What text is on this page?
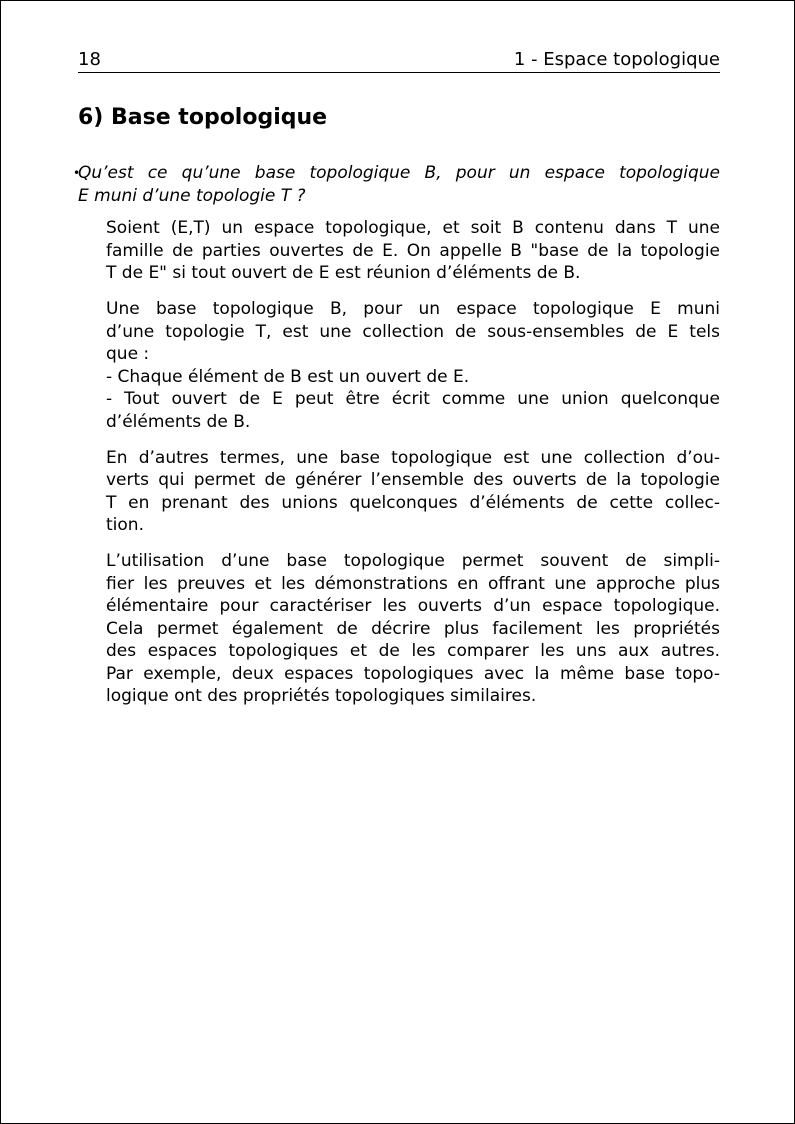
18	1 - Espace topologique
6) Base topologique
•
Qu’est ce qu’une base topologique B, pour un espace topologique
E muni d’une topologie T ?
Soient (E,T) un espace topologique, et soit B contenu dans T une
famille de parties ouvertes de E. On appelle B "base de la topologie
T de E" si tout ouvert de E est réunion d’éléments de B.
Une base topologique B, pour un espace topologique E muni
d’une topologie T, est une collection de sous-ensembles de E tels
que :
- Chaque élément de B est un ouvert de E.
- Tout ouvert de E peut être écrit comme une union quelconque
d’éléments de B.
En d’autres termes, une base topologique est une collection d’ou-
verts qui permet de générer l’ensemble des ouverts de la topologie
T en prenant des unions quelconques d’éléments de cette collec-
tion.
L’utilisation d’une base topologique permet souvent de simpli-
fier les preuves et les démonstrations en offrant une approche plus
élémentaire pour caractériser les ouverts d’un espace topologique.
Cela permet également de décrire plus facilement les propriétés
des espaces topologiques et de les comparer les uns aux autres.
Par exemple, deux espaces topologiques avec la même base topo-
logique ont des propriétés topologiques similaires.
